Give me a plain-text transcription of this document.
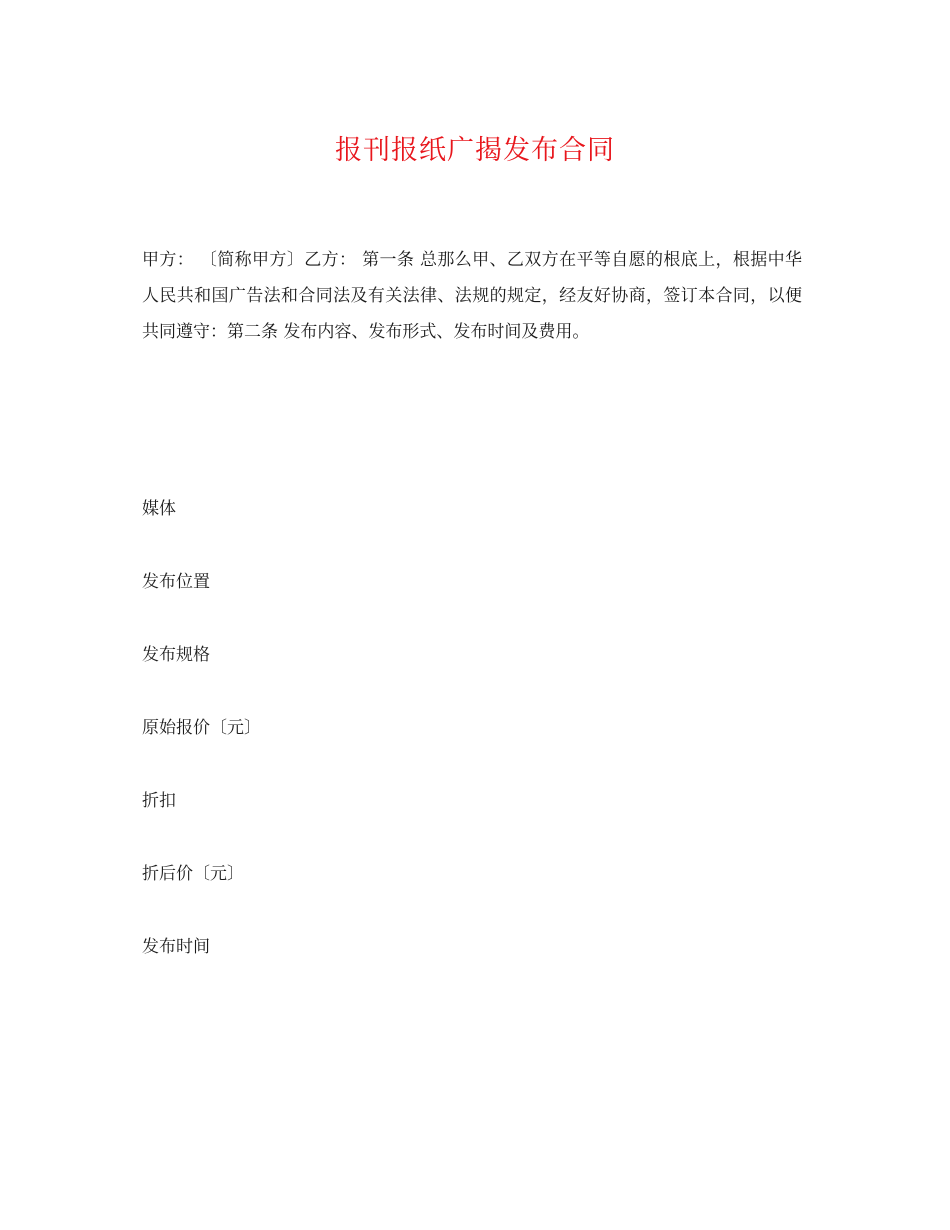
报刊报纸广揭发布合同
甲方： 〔简称甲方〕乙方： 第一条 总那么甲、乙双方在平等自愿的根底上，根据中华人民共和国广告法和合同法及有关法律、法规的规定，经友好协商，签订本合同，以便共同遵守：第二条 发布内容、发布形式、发布时间及费用。
媒体
发布位置
发布规格
原始报价〔元〕
折扣
折后价〔元〕
发布时间
